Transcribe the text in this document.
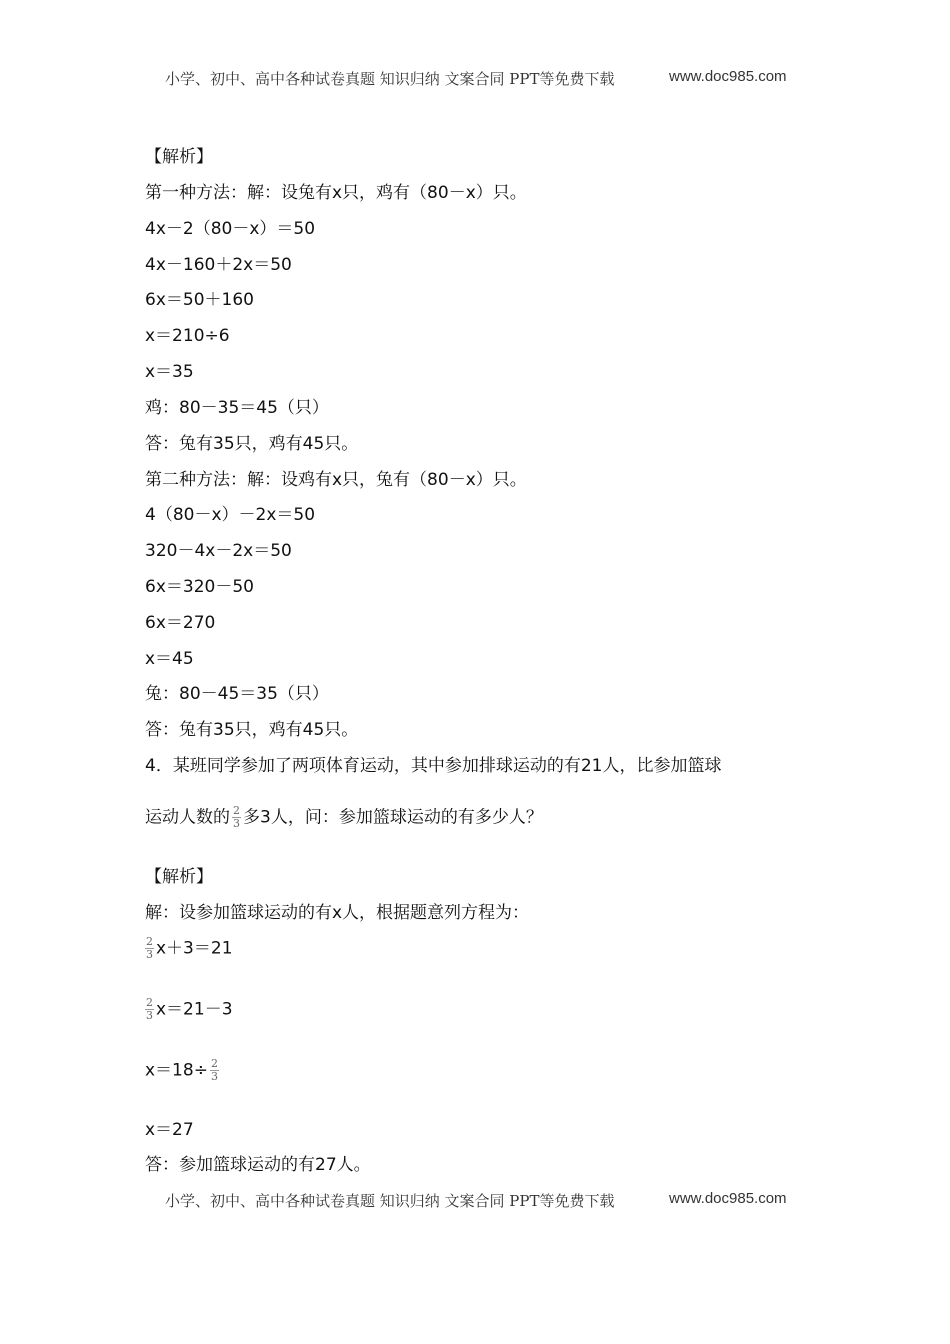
小学、初中、高中各种试卷真题 知识归纳 文案合同 PPT等免费下载	www.doc985.com
【解析】
第一种方法：解：设兔有x只，鸡有（80－x）只。
4x－2（80－x）＝50
4x－160＋2x＝50
6x＝50＋160
x＝210÷6
x＝35
鸡：80－35＝45（只）
答：兔有35只，鸡有45只。
第二种方法：解：设鸡有x只，兔有（80－x）只。
4（80－x）－2x＝50
320－4x－2x＝50
6x＝320－50
6x＝270
x＝45
兔：80－45＝35（只）
答：兔有35只，鸡有45只。
4．某班同学参加了两项体育运动，其中参加排球运动的有21人，比参加篮球
运动人数的 $\frac{2}{3}$ 多3人，问：参加篮球运动的有多少人？
【解析】
解：设参加篮球运动的有x人，根据题意列方程为：
$\frac{2}{3} x+3=21$
$\frac{2}{3} x=21-3$
$x=18\div \frac{2}{3}$
x＝27
答：参加篮球运动的有27人。
小学、初中、高中各种试卷真题 知识归纳 文案合同 PPT等免费下载	www.doc985.com
